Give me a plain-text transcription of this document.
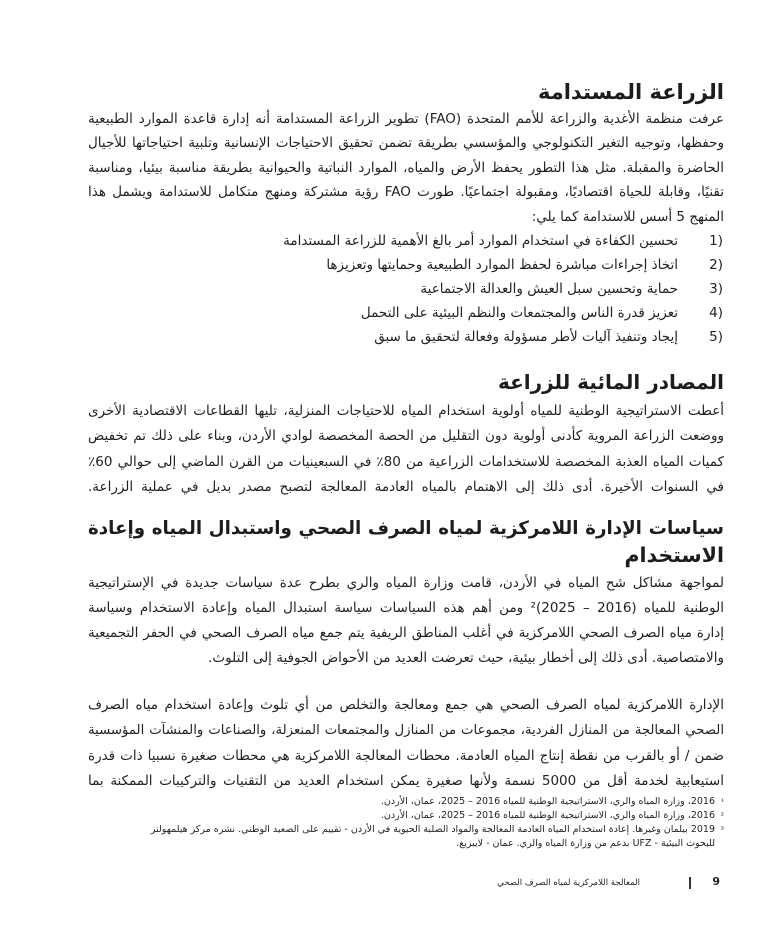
الزراعة المستدامة
عرفت منظمة الأغدية والزراعة للأمم المتحدة (FAO) تطوير الزراعة المستدامة أنه إدارة قاعدة الموارد الطبيعية
وحفظها، وتوجيه التغير التكنولوجي والمؤسسي بطريقة تضمن تحقيق الاحتياجات الإنسانية وتلبية احتياجاتها للأجيال
الحاضرة والمقبلة. مثل هذا التطور يحفظ الأرض والمياه، الموارد النباتية والحيوانية بطريقة مناسبة بيئيا، ومناسبة
تقنيًا، وقابلة للحياة اقتصاديًا، ومقبولة اجتماعيًا. طورت FAO رؤية مشتركة ومنهج متكامل للاستدامة ويشمل هذا
المنهج 5 أسس للاستدامة كما يلي:
1)
تحسين الكفاءة في استخدام الموارد أمر بالغ الأهمية للزراعة المستدامة
2)
اتخاذ إجراءات مباشرة لحفظ الموارد الطبيعية وحمايتها وتعزيزها
3)
حماية وتحسين سبل العيش والعدالة الاجتماعية
4)
تعزيز قدرة الناس والمجتمعات والنظم البيئية على التحمل
5)
إيجاد وتنفيذ آليات لأطر مسؤولة وفعالة لتحقيق ما سبق
المصادر المائية للزراعة
أعطت الاستراتيجية الوطنية للمياه أولوية استخدام المياه للاحتياجات المنزلية، تليها القطاعات الاقتصادية الأخرى
ووضعت الزراعة المروية كأدنى أولوية دون التقليل من الحصة المخصصة لوادي الأردن، وبناء على ذلك تم تخفيض
كميات المياه العذبة المخصصة للاستخدامات الزراعية من 80٪ في السبعينيات من القرن الماضي إلى حوالي 60٪
في السنوات الأخيرة. أدى ذلك إلى الاهتمام بالمياه العادمة المعالجة لتصبح مصدر بديل في عملية الزراعة.
سياسات الإدارة اللامركزية لمياه الصرف الصحي واستبدال المياه وإعادة
الاستخدام
لمواجهة مشاكل شح المياه في الأردن، قامت وزارة المياه والري بطرح عدة سياسات جديدة في الإستراتيجية
الوطنية للمياه (2016 – 2025)² ومن أهم هذه السياسات سياسة استبدال المياه وإعادة الاستخدام وسياسة
إدارة مياه الصرف الصحي اللامركزية في أغلب المناطق الريفية يتم جمع مياه الصرف الصحي في الحفر التجميعية
والامتصاصية. أدى ذلك إلى أخطار بيئية، حيث تعرضت العديد من الأحواض الجوفية إلى التلوث.
الإدارة اللامركزية لمياه الصرف الصحي هي جمع ومعالجة والتخلص من أي تلوث وإعادة استخدام مياه الصرف
الصحي المعالجة من المنازل الفردية، مجموعات من المنازل والمجتمعات المنعزلة، والصناعات والمنشآت المؤسسية
ضمن / أو بالقرب من نقطة إنتاج المياه العادمة. محطات المعالجة اللامركزية هي محطات صغيرة نسبيا ذات قدرة
استيعابية لخدمة أقل من 5000 نسمة ولأنها صغيرة يمكن استخدام العديد من التقنيات والتركيبات الممكنة بما
¹2016، وزارة المياه والري، الاستراتيجية الوطنية للمياه 2016 – 2025، عمان، الأردن.
²2016، وزارة المياه والري، الاستراتيجية الوطنية للمياه 2016 – 2025، عمان، الأردن.
³2019 بيلمان وغيرها. إعادة استخدام المياه العادمة المعالجة والمواد الصلبة الحيوية في الأردن - تقييم على الصعيد الوطني. نشره مركز هيلمهولتز
للبحوث البيئية - UFZ بدعم من وزارة المياه والري. عمان - لايبزيغ.
9
المعالجة اللامركزية لمياه الصرف الصحي
